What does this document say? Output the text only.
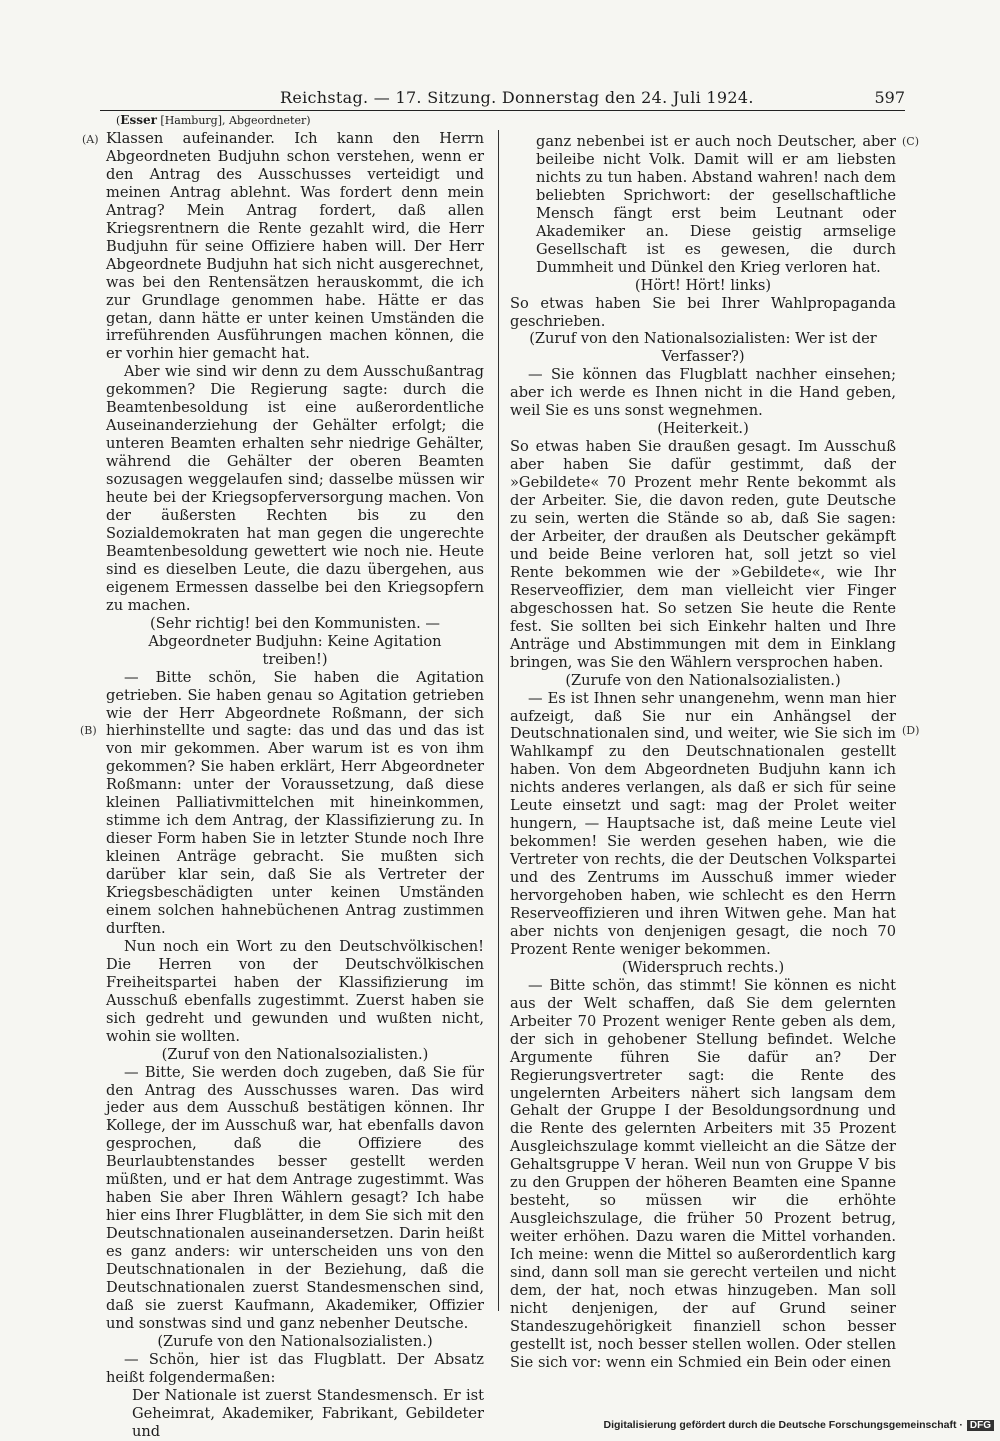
Reichstag. — 17. Sitzung. Donnerstag den 24. Juli 1924.	597
(Esser [Hamburg], Abgeordneter)
(A)
(B)
(C)
(D)

Klassen aufeinander. Ich kann den Herrn Abgeordneten Budjuhn schon verstehen, wenn er den Antrag des Ausschusses verteidigt und meinen Antrag ablehnt. Was fordert denn mein Antrag? Mein Antrag fordert, daß allen Kriegsrentnern die Rente gezahlt wird, die Herr Budjuhn für seine Offiziere haben will. Der Herr Abgeordnete Budjuhn hat sich nicht ausgerechnet, was bei den Rentensätzen herauskommt, die ich zur Grundlage genommen habe. Hätte er das getan, dann hätte er unter keinen Umständen die irreführenden Ausführungen machen können, die er vorhin hier gemacht hat.

Aber wie sind wir denn zu dem Ausschußantrag gekommen? Die Regierung sagte: durch die Beamtenbesoldung ist eine außerordentliche Auseinanderziehung der Gehälter erfolgt; die unteren Beamten erhalten sehr niedrige Gehälter, während die Gehälter der oberen Beamten sozusagen weggelaufen sind; dasselbe müssen wir heute bei der Kriegsopferversorgung machen. Von der äußersten Rechten bis zu den Sozialdemokraten hat man gegen die ungerechte Beamtenbesoldung gewettert wie noch nie. Heute sind es dieselben Leute, die dazu übergehen, aus eigenem Ermessen dasselbe bei den Kriegsopfern zu machen.

(Sehr richtig! bei den Kommunisten. — Abgeordneter Budjuhn: Keine Agitation treiben!)

— Bitte schön, Sie haben die Agitation getrieben. Sie haben genau so Agitation getrieben wie der Herr Abgeordnete Roßmann, der sich hierhinstellte und sagte: das und das und das ist von mir gekommen. Aber warum ist es von ihm gekommen? Sie haben erklärt, Herr Abgeordneter Roßmann: unter der Voraussetzung, daß diese kleinen Palliativmittelchen mit hineinkommen, stimme ich dem Antrag, der Klassifizierung zu. In dieser Form haben Sie in letzter Stunde noch Ihre kleinen Anträge gebracht. Sie mußten sich darüber klar sein, daß Sie als Vertreter der Kriegsbeschädigten unter keinen Umständen einem solchen hahnebüchenen Antrag zustimmen durften.

Nun noch ein Wort zu den Deutschvölkischen! Die Herren von der Deutschvölkischen Freiheitspartei haben der Klassifizierung im Ausschuß ebenfalls zugestimmt. Zuerst haben sie sich gedreht und gewunden und wußten nicht, wohin sie wollten.

(Zuruf von den Nationalsozialisten.)

— Bitte, Sie werden doch zugeben, daß Sie für den Antrag des Ausschusses waren. Das wird jeder aus dem Ausschuß bestätigen können. Ihr Kollege, der im Ausschuß war, hat ebenfalls davon gesprochen, daß die Offiziere des Beurlaubtenstandes besser gestellt werden müßten, und er hat dem Antrage zugestimmt. Was haben Sie aber Ihren Wählern gesagt? Ich habe hier eins Ihrer Flugblätter, in dem Sie sich mit den Deutschnationalen auseinandersetzen. Darin heißt es ganz anders: wir unterscheiden uns von den Deutschnationalen in der Beziehung, daß die Deutschnationalen zuerst Standesmenschen sind, daß sie zuerst Kaufmann, Akademiker, Offizier und sonstwas sind und ganz nebenher Deutsche.

(Zurufe von den Nationalsozialisten.)

— Schön, hier ist das Flugblatt. Der Absatz heißt folgendermaßen:

Der Nationale ist zuerst Standesmensch. Er ist Geheimrat, Akademiker, Fabrikant, Gebildeter und

ganz nebenbei ist er auch noch Deutscher, aber beileibe nicht Volk. Damit will er am liebsten nichts zu tun haben. Abstand wahren! nach dem beliebten Sprichwort: der gesellschaftliche Mensch fängt erst beim Leutnant oder Akademiker an. Diese geistig armselige Gesellschaft ist es gewesen, die durch Dummheit und Dünkel den Krieg verloren hat.

(Hört! Hört! links)

So etwas haben Sie bei Ihrer Wahlpropaganda geschrieben.

(Zuruf von den Nationalsozialisten: Wer ist der Verfasser?)

— Sie können das Flugblatt nachher einsehen; aber ich werde es Ihnen nicht in die Hand geben, weil Sie es uns sonst wegnehmen.

(Heiterkeit.)

So etwas haben Sie draußen gesagt. Im Ausschuß aber haben Sie dafür gestimmt, daß der »Gebildete« 70 Prozent mehr Rente bekommt als der Arbeiter. Sie, die davon reden, gute Deutsche zu sein, werten die Stände so ab, daß Sie sagen: der Arbeiter, der draußen als Deutscher gekämpft und beide Beine verloren hat, soll jetzt so viel Rente bekommen wie der »Gebildete«, wie Ihr Reserveoffizier, dem man vielleicht vier Finger abgeschossen hat. So setzen Sie heute die Rente fest. Sie sollten bei sich Einkehr halten und Ihre Anträge und Abstimmungen mit dem in Einklang bringen, was Sie den Wählern versprochen haben.

(Zurufe von den Nationalsozialisten.)

— Es ist Ihnen sehr unangenehm, wenn man hier aufzeigt, daß Sie nur ein Anhängsel der Deutschnationalen sind, und weiter, wie Sie sich im Wahlkampf zu den Deutschnationalen gestellt haben. Von dem Abgeordneten Budjuhn kann ich nichts anderes verlangen, als daß er sich für seine Leute einsetzt und sagt: mag der Prolet weiter hungern, — Hauptsache ist, daß meine Leute viel bekommen! Sie werden gesehen haben, wie die Vertreter von rechts, die der Deutschen Volkspartei und des Zentrums im Ausschuß immer wieder hervorgehoben haben, wie schlecht es den Herrn Reserveoffizieren und ihren Witwen gehe. Man hat aber nichts von denjenigen gesagt, die noch 70 Prozent Rente weniger bekommen.

(Widerspruch rechts.)

— Bitte schön, das stimmt! Sie können es nicht aus der Welt schaffen, daß Sie dem gelernten Arbeiter 70 Prozent weniger Rente geben als dem, der sich in gehobener Stellung befindet. Welche Argumente führen Sie dafür an? Der Regierungsvertreter sagt: die Rente des ungelernten Arbeiters nähert sich langsam dem Gehalt der Gruppe I der Besoldungsordnung und die Rente des gelernten Arbeiters mit 35 Prozent Ausgleichszulage kommt vielleicht an die Sätze der Gehaltsgruppe V heran. Weil nun von Gruppe V bis zu den Gruppen der höheren Beamten eine Spanne besteht, so müssen wir die erhöhte Ausgleichszulage, die früher 50 Prozent betrug, weiter erhöhen. Dazu waren die Mittel vorhanden. Ich meine: wenn die Mittel so außerordentlich karg sind, dann soll man sie gerecht verteilen und nicht dem, der hat, noch etwas hinzugeben. Man soll nicht denjenigen, der auf Grund seiner Standeszugehörigkeit finanziell schon besser gestellt ist, noch besser stellen wollen. Oder stellen Sie sich vor: wenn ein Schmied ein Bein oder einen

Digitalisierung gefördert durch die Deutsche Forschungsgemeinschaft · DFG
